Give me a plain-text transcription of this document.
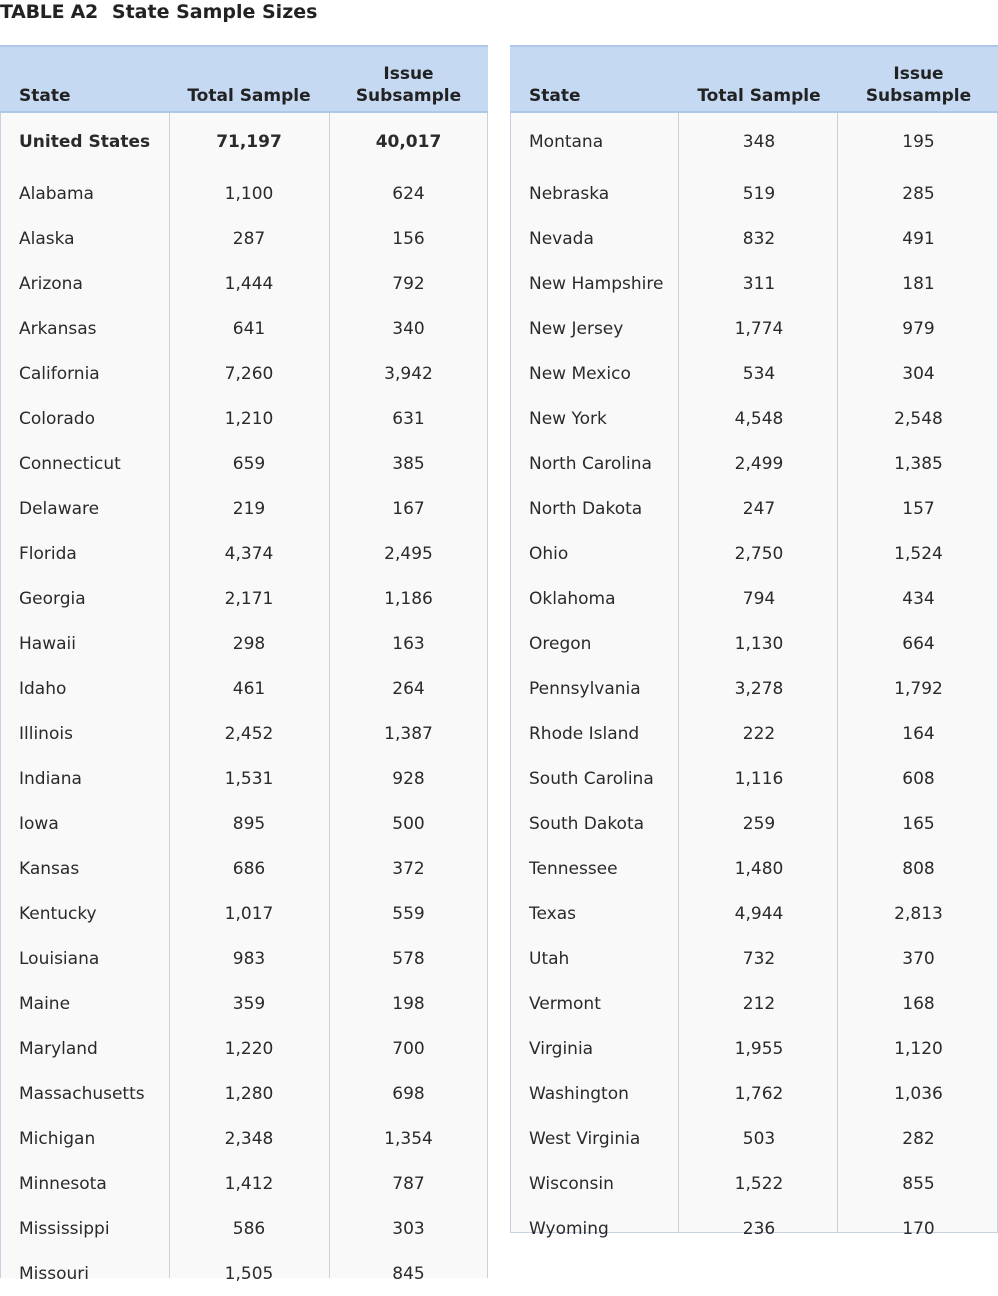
TABLE A2 State Sample Sizes
State	Total Sample	Issue
Subsample
United States	71,197	40,017
Alabama	1,100	624
Alaska	287	156
Arizona	1,444	792
Arkansas	641	340
California	7,260	3,942
Colorado	1,210	631
Connecticut	659	385
Delaware	219	167
Florida	4,374	2,495
Georgia	2,171	1,186
Hawaii	298	163
Idaho	461	264
Illinois	2,452	1,387
Indiana	1,531	928
Iowa	895	500
Kansas	686	372
Kentucky	1,017	559
Louisiana	983	578
Maine	359	198
Maryland	1,220	700
Massachusetts	1,280	698
Michigan	2,348	1,354
Minnesota	1,412	787
Mississippi	586	303
Missouri	1,505	845
State	Total Sample	Issue
Subsample
Montana	348	195
Nebraska	519	285
Nevada	832	491
New Hampshire	311	181
New Jersey	1,774	979
New Mexico	534	304
New York	4,548	2,548
North Carolina	2,499	1,385
North Dakota	247	157
Ohio	2,750	1,524
Oklahoma	794	434
Oregon	1,130	664
Pennsylvania	3,278	1,792
Rhode Island	222	164
South Carolina	1,116	608
South Dakota	259	165
Tennessee	1,480	808
Texas	4,944	2,813
Utah	732	370
Vermont	212	168
Virginia	1,955	1,120
Washington	1,762	1,036
West Virginia	503	282
Wisconsin	1,522	855
Wyoming	236	170
